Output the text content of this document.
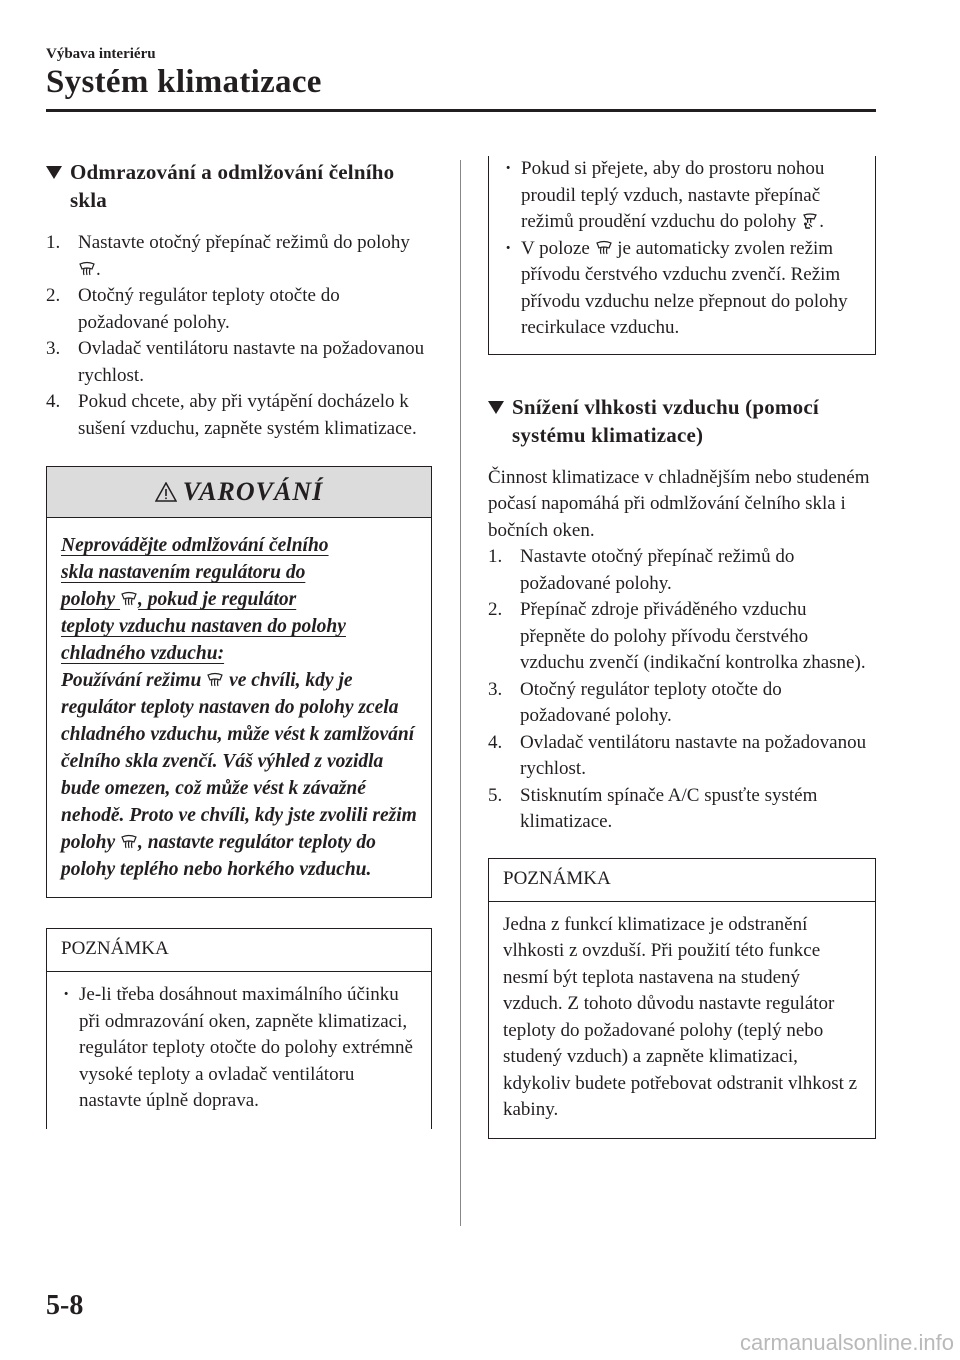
Výbava interiéru
Systém klimatizace
Odmrazování a odmlžování čelního skla
1. Nastavte otočný přepínač režimů do polohy .
2. Otočný regulátor teploty otočte do požadované polohy.
3. Ovladač ventilátoru nastavte na požadovanou rychlost.
4. Pokud chcete, aby při vytápění docházelo k sušení vzduchu, zapněte systém klimatizace.
VAROVÁNÍ
Neprovádějte odmlžování čelního
skla nastavením regulátoru do
polohy , pokud je regulátor
teploty vzduchu nastaven do polohy
chladného vzduchu:
Používání režimu  ve chvíli, kdy je regulátor teploty nastaven do polohy zcela chladného vzduchu, může vést k zamlžování čelního skla zvenčí. Váš výhled z vozidla bude omezen, což může vést k závažné nehodě. Proto ve chvíli, kdy jste zvolili režim polohy , nastavte regulátor teploty do polohy teplého nebo horkého vzduchu.
POZNÁMKA
· Je-li třeba dosáhnout maximálního účinku při odmrazování oken, zapněte klimatizaci, regulátor teploty otočte do polohy extrémně vysoké teploty a ovladač ventilátoru nastavte úplně doprava.
· Pokud si přejete, aby do prostoru nohou proudil teplý vzduch, nastavte přepínač režimů proudění vzduchu do polohy .
· V poloze  je automaticky zvolen režim přívodu čerstvého vzduchu zvenčí. Režim přívodu vzduchu nelze přepnout do polohy recirkulace vzduchu.
Snížení vlhkosti vzduchu (pomocí systému klimatizace)
Činnost klimatizace v chladnějším nebo studeném počasí napomáhá při odmlžování čelního skla i bočních oken.
1. Nastavte otočný přepínač režimů do požadované polohy.
2. Přepínač zdroje přiváděného vzduchu přepněte do polohy přívodu čerstvého vzduchu zvenčí (indikační kontrolka zhasne).
3. Otočný regulátor teploty otočte do požadované polohy.
4. Ovladač ventilátoru nastavte na požadovanou rychlost.
5. Stisknutím spínače A/C spusťte systém klimatizace.
POZNÁMKA
Jedna z funkcí klimatizace je odstranění vlhkosti z ovzduší. Při použití této funkce nesmí být teplota nastavena na studený vzduch. Z tohoto důvodu nastavte regulátor teploty do požadované polohy (teplý nebo studený vzduch) a zapněte klimatizaci, kdykoliv budete potřebovat odstranit vlhkost z kabiny.
5-8
carmanualsonline.info
